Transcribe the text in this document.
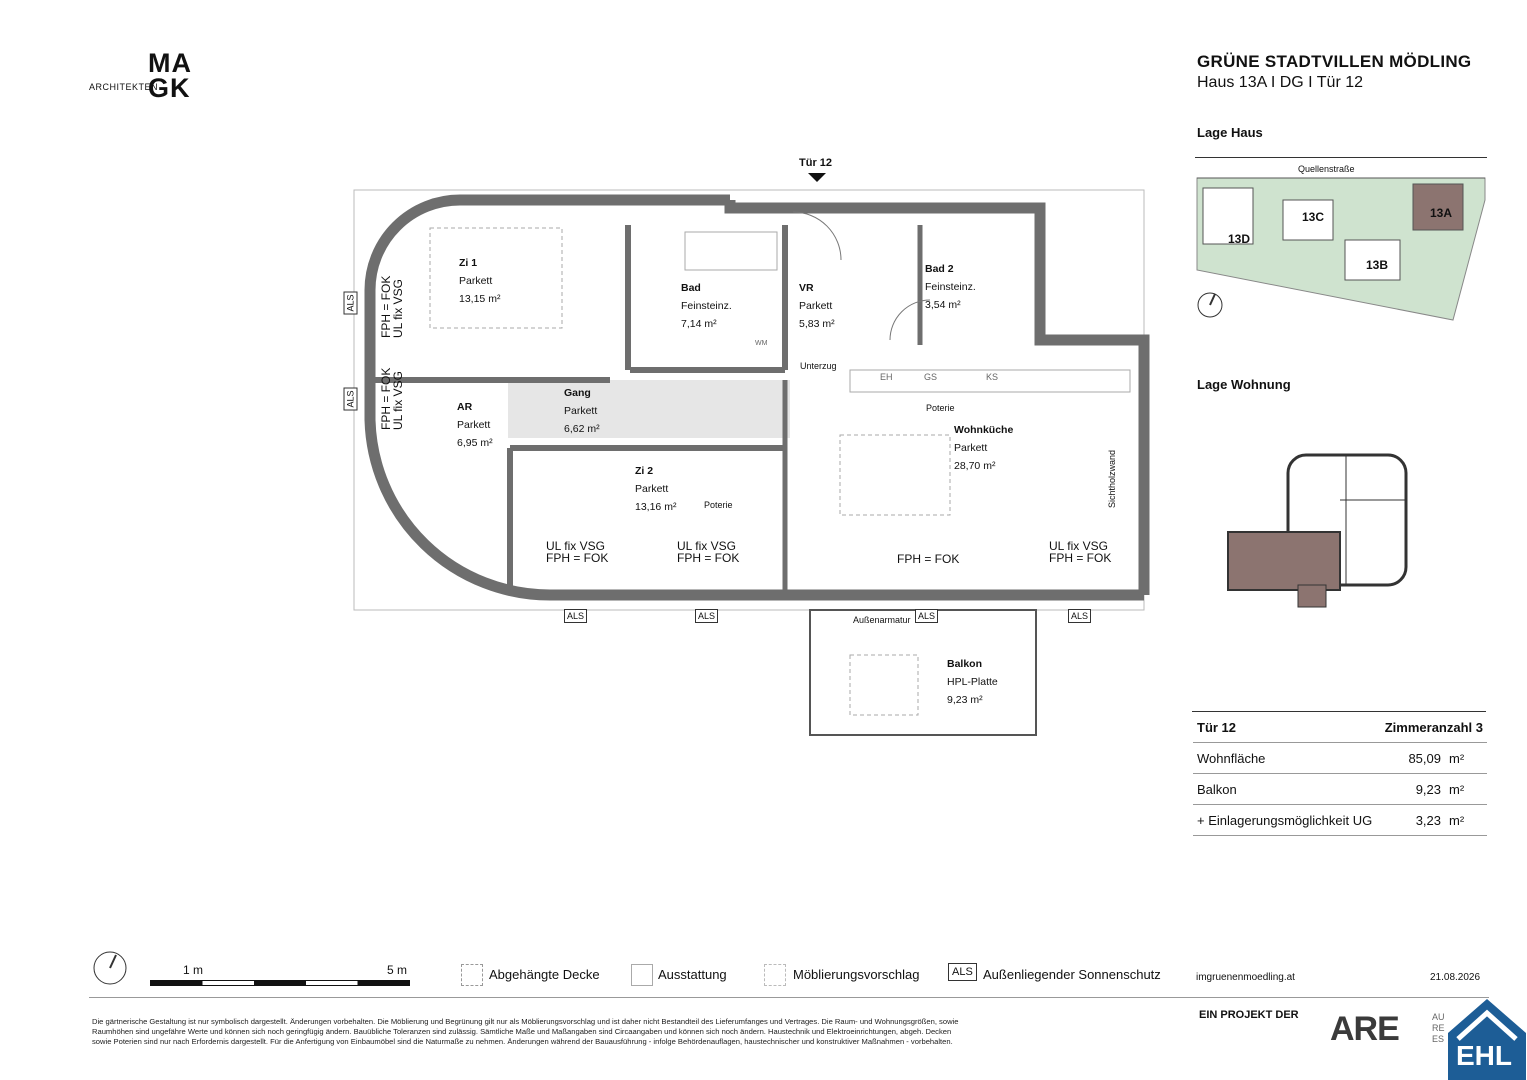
ARCHITEKTEN
MA
GK
GRÜNE STADTVILLEN MÖDLING
Haus 13A I DG I Tür 12
Lage Haus
Quellenstraße
13D
13C	13A
13B
Lage Wohnung
Tür 12	Zimmeranzahl 3	
Wohnfläche	85,09	m²
Balkon	9,23	m²
+ Einlagerungsmöglichkeit UG	3,23	m²
Tür 12
Zi 1
Parkett
13,15 m²
Bad
Feinsteinz.
7,14 m²
VR
Parkett
5,83 m²
Bad 2
Feinsteinz.
3,54 m²
AR
Parkett
6,95 m²
Gang
Parkett
6,62 m²	Wohnküche
Parkett
28,70 m²
Zi 2
Parkett
13,16 m²
Balkon
HPL-Platte
9,23 m²
Unterzug
Poterie
Poterie	Sichtholzwand
Außenarmatur
EH	GS	KS
WM
UL fix VSG
FPH = FOK
UL fix VSG
FPH = FOK	FPH = FOK
UL fix VSG
FPH = FOK
FPH = FOK
UL fix VSG
FPH = FOK
UL fix VSG
ALS
ALS
ALS	ALS	ALS	ALS
1 m	5 m	Abgehängte Decke	Ausstattung	Möblierungsvorschlag	ALS Außenliegender Sonnenschutz	imgruenenmoedling.at	21.08.2026
Die gärtnerische Gestaltung ist nur symbolisch dargestellt. Änderungen vorbehalten. Die Möblierung und Begrünung gilt nur als Möblierungsvorschlag und ist daher nicht Bestandteil des Lieferumfanges und Vertrages. Die Raum- und Wohnungsgrößen, sowie
Raumhöhen sind ungefähre Werte und können sich noch geringfügig ändern. Bauübliche Toleranzen sind zulässig. Sämtliche Maße und Maßangaben sind Circaangaben und können sich noch ändern. Haustechnik und Elektroeinrichtungen, abgeh. Decken
sowie Poterien sind nur nach Erfordernis dargestellt. Für die Anfertigung von Einbaumöbel sind die Naturmaße zu nehmen. Änderungen während der Bauausführung - infolge Behördenauflagen, haustechnischer und konstruktiver Maßnahmen - vorbehalten.
EIN PROJEKT DER ARE	AU
RE
ES
EHL
